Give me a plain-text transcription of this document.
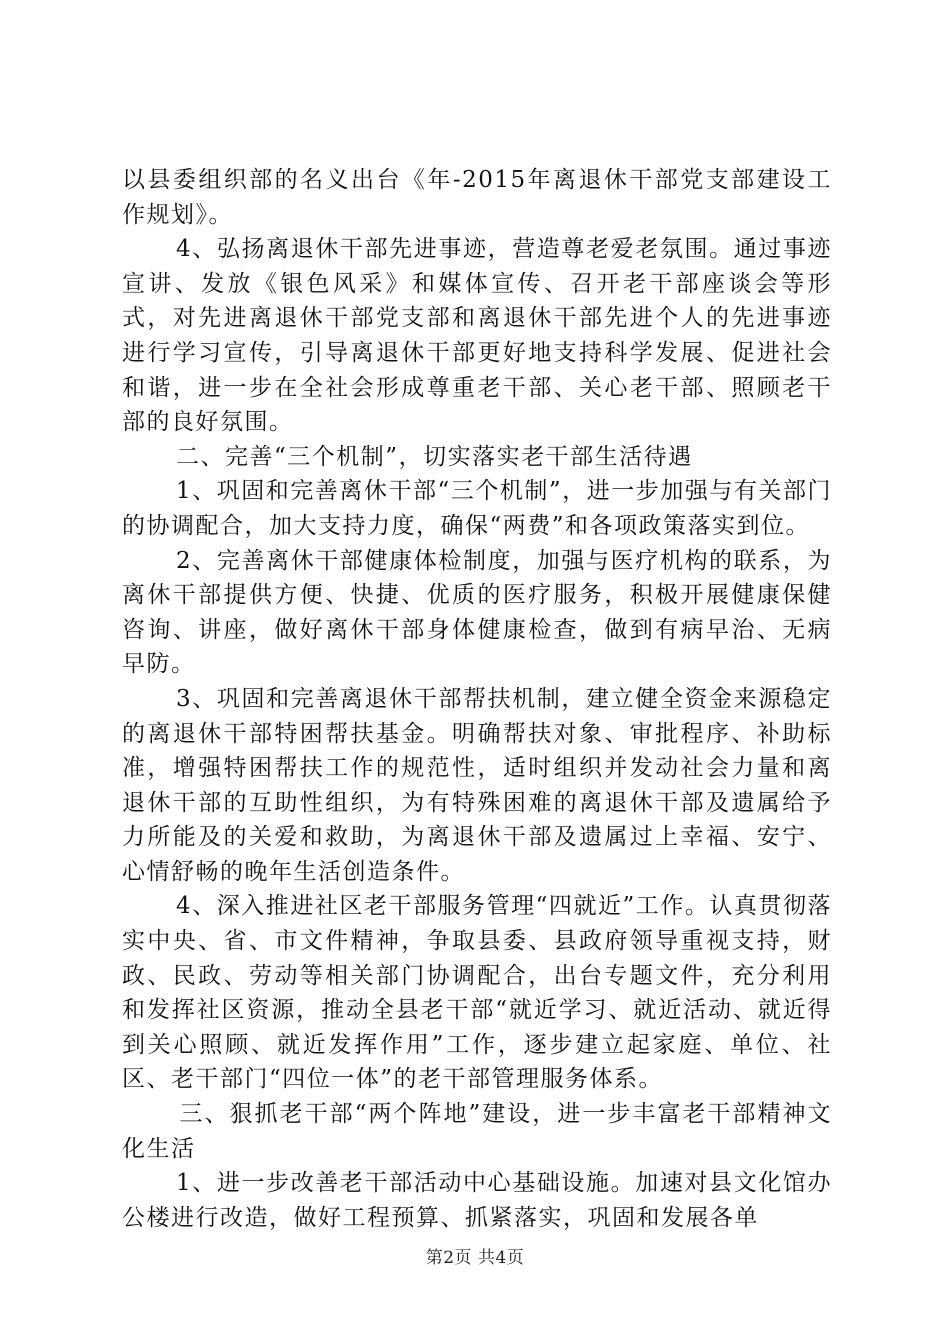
以县委组织部的名义出台《年-2015年离退休干部党支部建设工作规划》。

4、弘扬离退休干部先进事迹，营造尊老爱老氛围。通过事迹宣讲、发放《银色风采》和媒体宣传、召开老干部座谈会等形式，对先进离退休干部党支部和离退休干部先进个人的先进事迹进行学习宣传，引导离退休干部更好地支持科学发展、促进社会和谐，进一步在全社会形成尊重老干部、关心老干部、照顾老干部的良好氛围。

二、完善“三个机制”，切实落实老干部生活待遇

1、巩固和完善离休干部“三个机制”，进一步加强与有关部门的协调配合，加大支持力度，确保“两费”和各项政策落实到位。

2、完善离休干部健康体检制度，加强与医疗机构的联系，为离休干部提供方便、快捷、优质的医疗服务，积极开展健康保健咨询、讲座，做好离休干部身体健康检查，做到有病早治、无病早防。

3、巩固和完善离退休干部帮扶机制，建立健全资金来源稳定的离退休干部特困帮扶基金。明确帮扶对象、审批程序、补助标准，增强特困帮扶工作的规范性，适时组织并发动社会力量和离退休干部的互助性组织，为有特殊困难的离退休干部及遗属给予力所能及的关爱和救助，为离退休干部及遗属过上幸福、安宁、心情舒畅的晚年生活创造条件。

4、深入推进社区老干部服务管理“四就近”工作。认真贯彻落实中央、省、市文件精神，争取县委、县政府领导重视支持，财政、民政、劳动等相关部门协调配合，出台专题文件，充分利用和发挥社区资源，推动全县老干部“就近学习、就近活动、就近得到关心照顾、就近发挥作用”工作，逐步建立起家庭、单位、社区、老干部门“四位一体”的老干部管理服务体系。

三、狠抓老干部“两个阵地”建设，进一步丰富老干部精神文化生活

1、进一步改善老干部活动中心基础设施。加速对县文化馆办公楼进行改造，做好工程预算、抓紧落实，巩固和发展各单

第2页 共4页
